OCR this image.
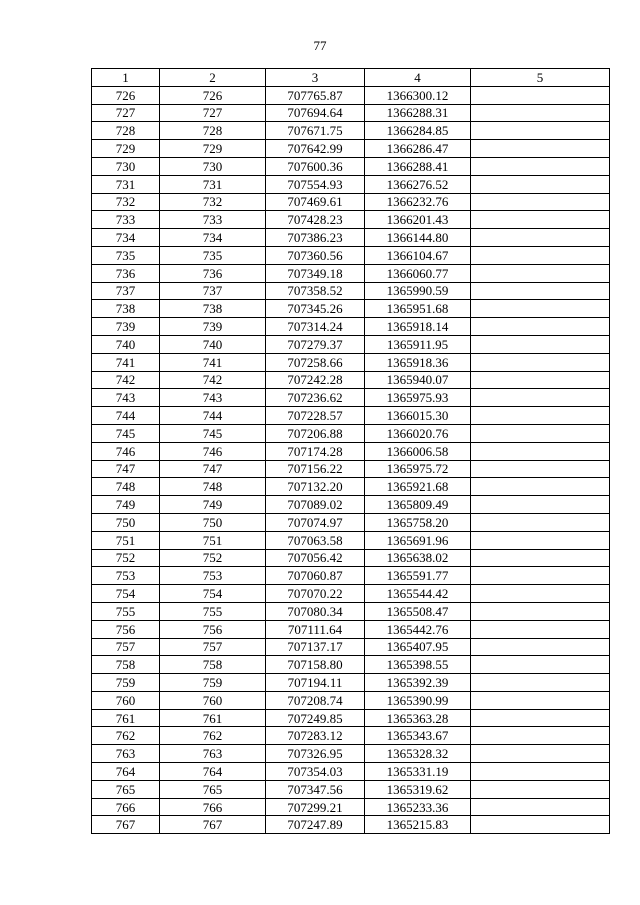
77
1	2	3	4	5
726	726	707765.87	1366300.12	
727	727	707694.64	1366288.31	
728	728	707671.75	1366284.85	
729	729	707642.99	1366286.47	
730	730	707600.36	1366288.41	
731	731	707554.93	1366276.52	
732	732	707469.61	1366232.76	
733	733	707428.23	1366201.43	
734	734	707386.23	1366144.80	
735	735	707360.56	1366104.67	
736	736	707349.18	1366060.77	
737	737	707358.52	1365990.59	
738	738	707345.26	1365951.68	
739	739	707314.24	1365918.14	
740	740	707279.37	1365911.95	
741	741	707258.66	1365918.36	
742	742	707242.28	1365940.07	
743	743	707236.62	1365975.93	
744	744	707228.57	1366015.30	
745	745	707206.88	1366020.76	
746	746	707174.28	1366006.58	
747	747	707156.22	1365975.72	
748	748	707132.20	1365921.68	
749	749	707089.02	1365809.49	
750	750	707074.97	1365758.20	
751	751	707063.58	1365691.96	
752	752	707056.42	1365638.02	
753	753	707060.87	1365591.77	
754	754	707070.22	1365544.42	
755	755	707080.34	1365508.47	
756	756	707111.64	1365442.76	
757	757	707137.17	1365407.95	
758	758	707158.80	1365398.55	
759	759	707194.11	1365392.39	
760	760	707208.74	1365390.99	
761	761	707249.85	1365363.28	
762	762	707283.12	1365343.67	
763	763	707326.95	1365328.32	
764	764	707354.03	1365331.19	
765	765	707347.56	1365319.62	
766	766	707299.21	1365233.36	
767	767	707247.89	1365215.83	
